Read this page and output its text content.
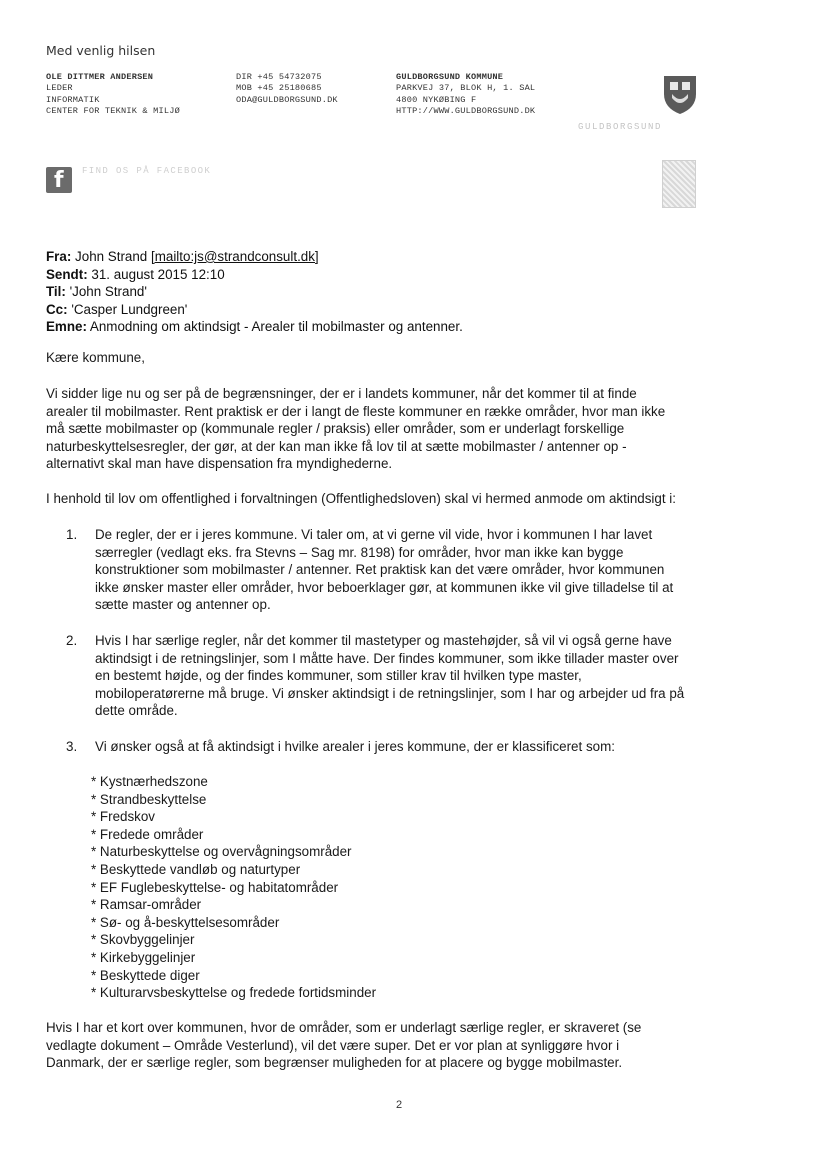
Med venlig hilsen
OLE DITTMER ANDERSEN
LEDER
INFORMATIK
CENTER FOR TEKNIK & MILJØ
DIR +45 54732075
MOB +45 25180685
ODA@GULDBORGSUND.DK
GULDBORGSUND KOMMUNE
PARKVEJ 37, BLOK H, 1. SAL
4800 NYKØBING F
HTTP://WWW.GULDBORGSUND.DK
GULDBORGSUND
f FIND OS PÅ FACEBOOK
Fra: John Strand [mailto:js@strandconsult.dk]
Sendt: 31. august 2015 12:10
Til: 'John Strand'
Cc: 'Casper Lundgreen'
Emne: Anmodning om aktindsigt - Arealer til mobilmaster og antenner.
Kære kommune,

Vi sidder lige nu og ser på de begrænsninger, der er i landets kommuner, når det kommer til at finde

arealer til mobilmaster. Rent praktisk er der i langt de fleste kommuner en række områder, hvor man ikke

må sætte mobilmaster op (kommunale regler / praksis) eller områder, som er underlagt forskellige

naturbeskyttelsesregler, der gør, at der kan man ikke få lov til at sætte mobilmaster / antenner op -

alternativt skal man have dispensation fra myndighederne.

I henhold til lov om offentlighed i forvaltningen (Offentlighedsloven) skal vi hermed anmode om aktindsigt i:
1.	De regler, der er i jeres kommune. Vi taler om, at vi gerne vil vide, hvor i kommunen I har lavet
særregler (vedlagt eks. fra Stevns – Sag mr. 8198) for områder, hvor man ikke kan bygge
konstruktioner som mobilmaster / antenner. Ret praktisk kan det være områder, hvor kommunen
ikke ønsker master eller områder, hvor beboerklager gør, at kommunen ikke vil give tilladelse til at
sætte master og antenner op.
2.	Hvis I har særlige regler, når det kommer til mastetyper og mastehøjder, så vil vi også gerne have
aktindsigt i de retningslinjer, som I måtte have. Der findes kommuner, som ikke tillader master over
en bestemt højde, og der findes kommuner, som stiller krav til hvilken type master,
mobiloperatørerne må bruge. Vi ønsker aktindsigt i de retningslinjer, som I har og arbejder ud fra på
dette område.
3.	Vi ønsker også at få aktindsigt i hvilke arealer i jeres kommune, der er klassificeret som:
* Kystnærhedszone
* Strandbeskyttelse
* Fredskov
* Fredede områder
* Naturbeskyttelse og overvågningsområder
* Beskyttede vandløb og naturtyper
* EF Fuglebeskyttelse- og habitatområder
* Ramsar-områder
* Sø- og å-beskyttelsesområder
* Skovbyggelinjer
* Kirkebyggelinjer
* Beskyttede diger
* Kulturarvsbeskyttelse og fredede fortidsminder

Hvis I har et kort over kommunen, hvor de områder, som er underlagt særlige regler, er skraveret (se

vedlagte dokument – Område Vesterlund), vil det være super. Det er vor plan at synliggøre hvor i

Danmark, der er særlige regler, som begrænser muligheden for at placere og bygge mobilmaster.

2
